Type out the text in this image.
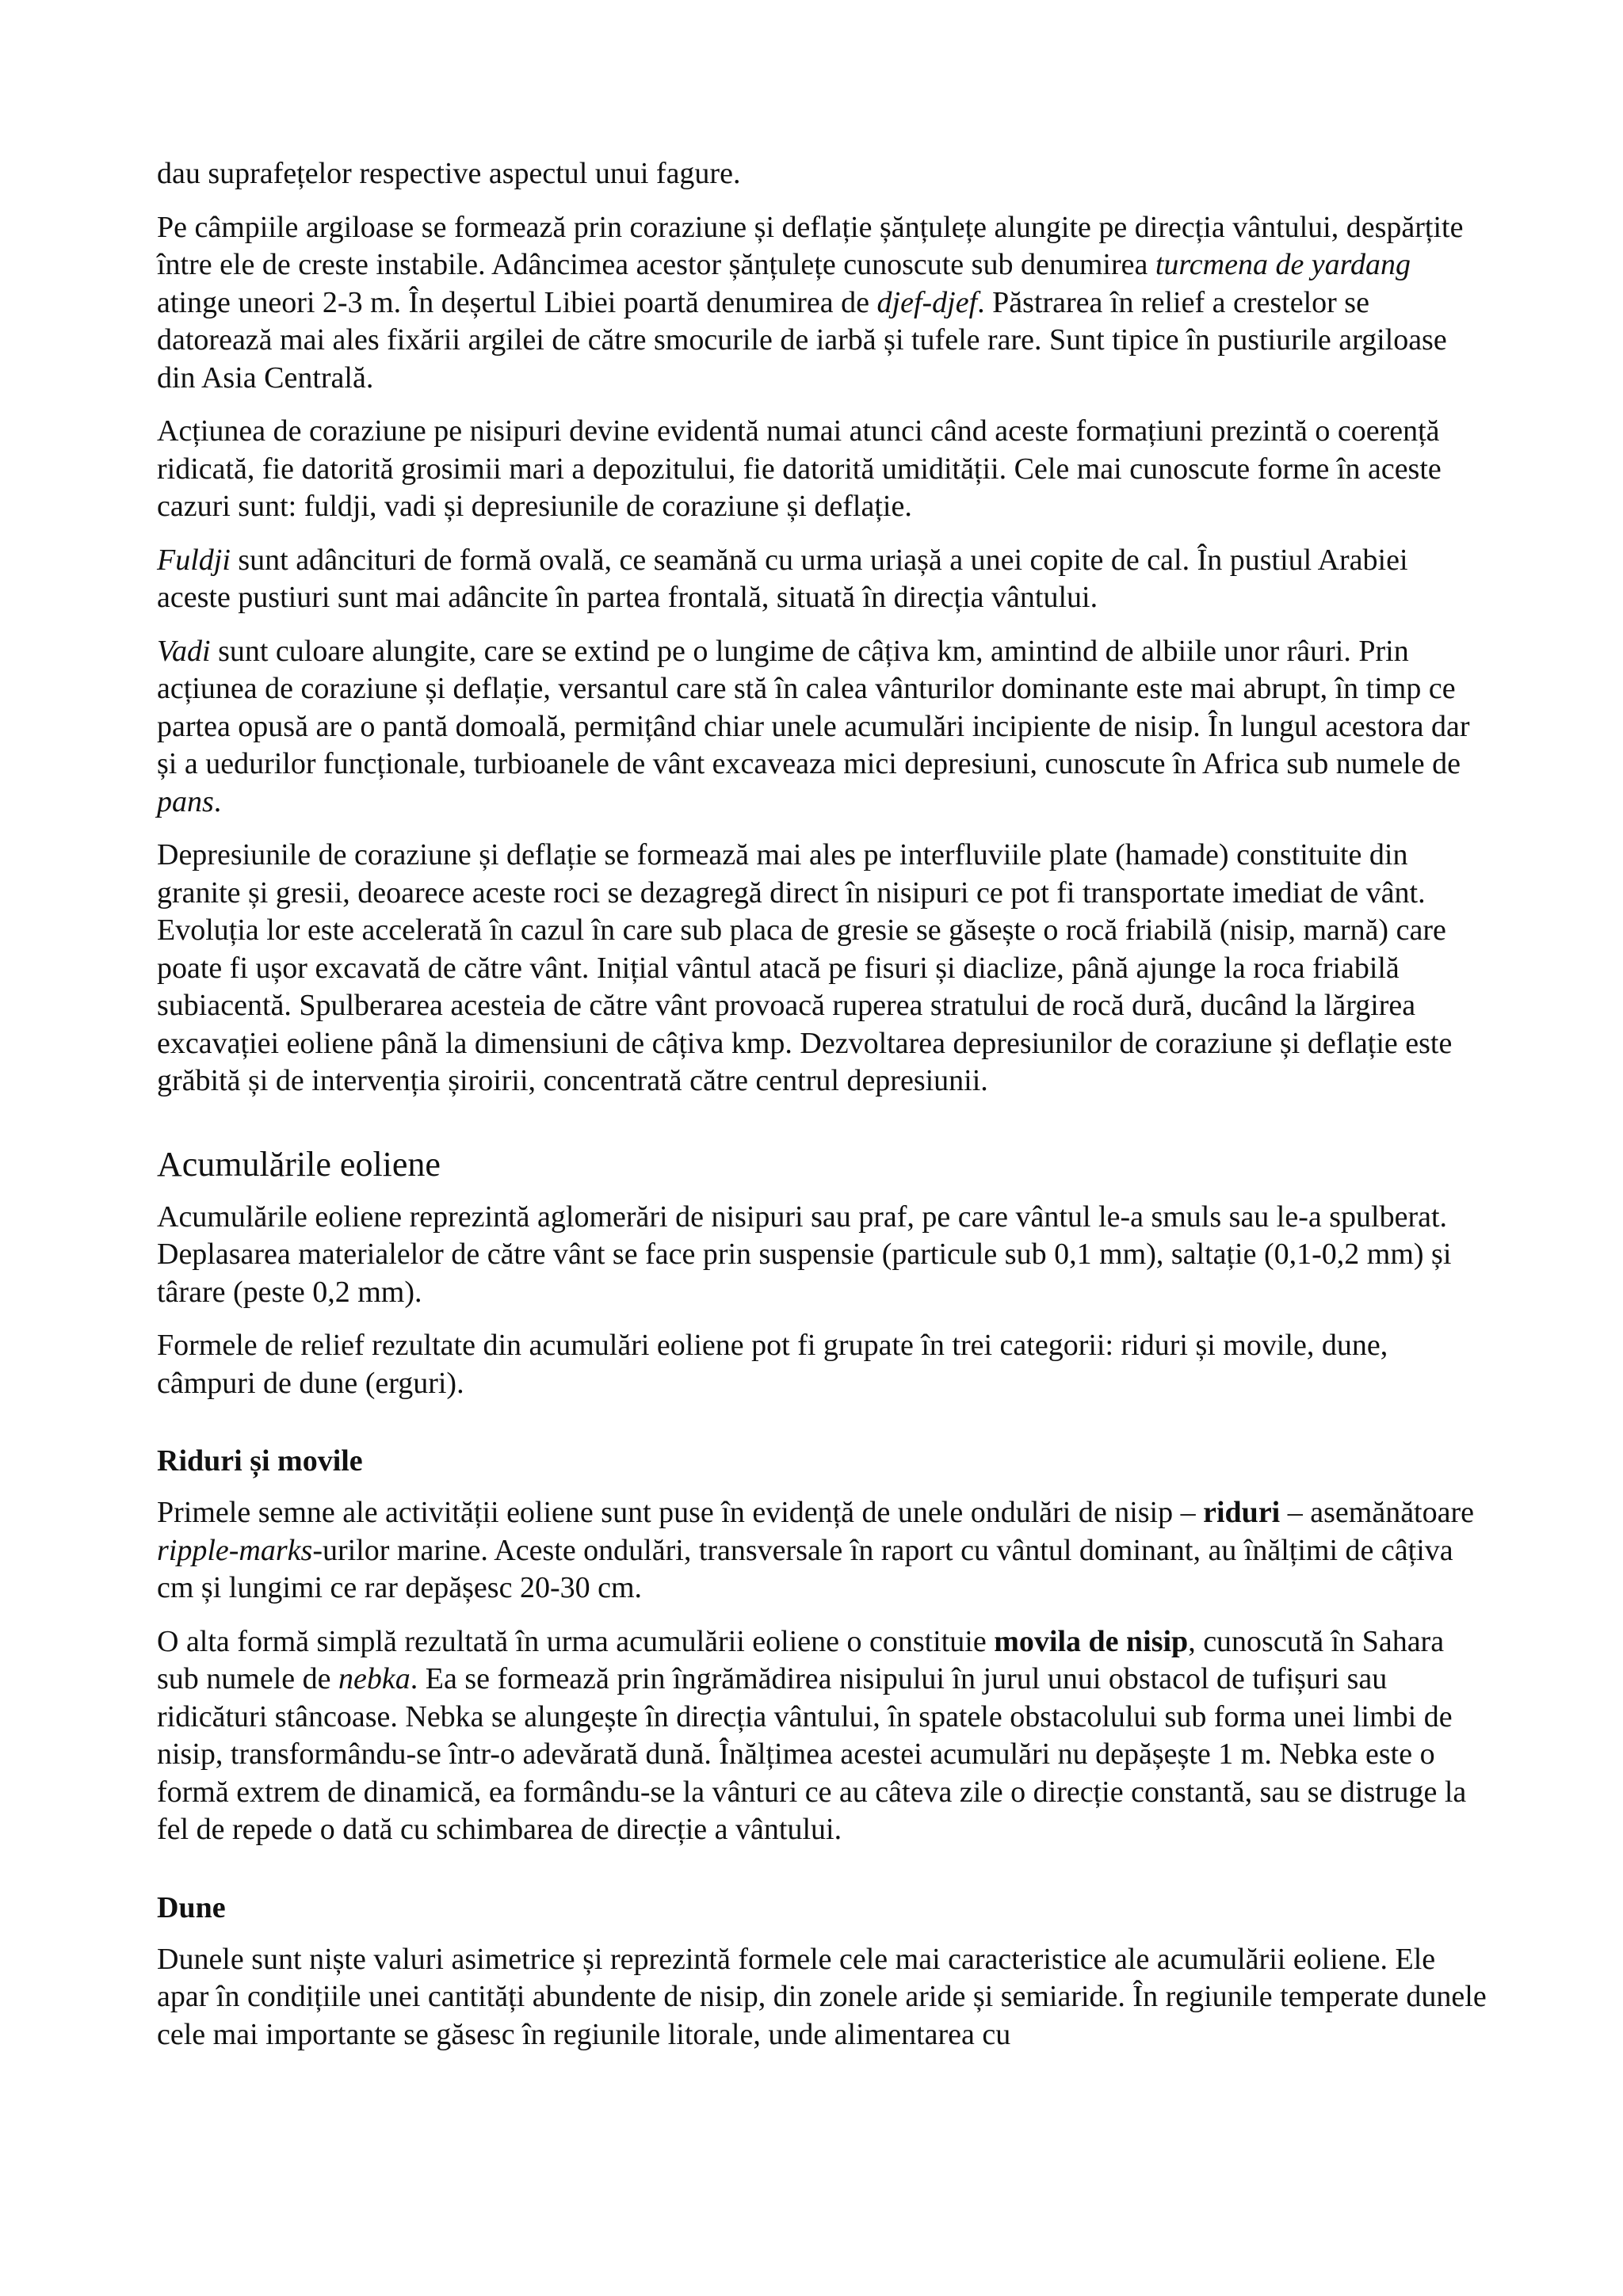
dau suprafețelor respective aspectul unui fagure.

Pe câmpiile argiloase se formează prin coraziune și deflație șănțulețe alungite pe direcția vântului, despărțite între ele de creste instabile. Adâncimea acestor șănțulețe cunoscute sub denumirea turcmena de yardang atinge uneori 2-3 m. În deșertul Libiei poartă denumirea de djef-djef. Păstrarea în relief a crestelor se datorează mai ales fixării argilei de către smocurile de iarbă și tufele rare. Sunt tipice în pustiurile argiloase din Asia Centrală.

Acțiunea de coraziune pe nisipuri devine evidentă numai atunci când aceste formațiuni prezintă o coerență ridicată, fie datorită grosimii mari a depozitului, fie datorită umidității. Cele mai cunoscute forme în aceste cazuri sunt: fuldji, vadi și depresiunile de coraziune și deflație.

Fuldji sunt adâncituri de formă ovală, ce seamănă cu urma uriașă a unei copite de cal. În pustiul Arabiei aceste pustiuri sunt mai adâncite în partea frontală, situată în direcția vântului.

Vadi sunt culoare alungite, care se extind pe o lungime de câțiva km, amintind de albiile unor râuri. Prin acțiunea de coraziune și deflație, versantul care stă în calea vânturilor dominante este mai abrupt, în timp ce partea opusă are o pantă domoală, permițând chiar unele acumulări incipiente de nisip. În lungul acestora dar și a uedurilor funcționale, turbioanele de vânt excaveaza mici depresiuni, cunoscute în Africa sub numele de pans.

Depresiunile de coraziune și deflație se formează mai ales pe interfluviile plate (hamade) constituite din granite și gresii, deoarece aceste roci se dezagregă direct în nisipuri ce pot fi transportate imediat de vânt. Evoluția lor este accelerată în cazul în care sub placa de gresie se găsește o rocă friabilă (nisip, marnă) care poate fi ușor excavată de către vânt. Inițial vântul atacă pe fisuri și diaclize, până ajunge la roca friabilă subiacentă. Spulberarea acesteia de către vânt provoacă ruperea stratului de rocă dură, ducând la lărgirea excavației eoliene până la dimensiuni de câțiva kmp. Dezvoltarea depresiunilor de coraziune și deflație este grăbită și de intervenția șiroirii, concentrată către centrul depresiunii.

Acumulările eoliene

Acumulările eoliene reprezintă aglomerări de nisipuri sau praf, pe care vântul le-a smuls sau le-a spulberat. Deplasarea materialelor de către vânt se face prin suspensie (particule sub 0,1 mm), saltație (0,1-0,2 mm) și târare (peste 0,2 mm).

Formele de relief rezultate din acumulări eoliene pot fi grupate în trei categorii: riduri și movile, dune, câmpuri de dune (erguri).

Riduri și movile

Primele semne ale activității eoliene sunt puse în evidență de unele ondulări de nisip – riduri – asemănătoare ripple-marks-urilor marine. Aceste ondulări, transversale în raport cu vântul dominant, au înălțimi de câțiva cm și lungimi ce rar depășesc 20-30 cm.

O alta formă simplă rezultată în urma acumulării eoliene o constituie movila de nisip, cunoscută în Sahara sub numele de nebka. Ea se formează prin îngrămădirea nisipului în jurul unui obstacol de tufișuri sau ridicături stâncoase. Nebka se alungește în direcția vântului, în spatele obstacolului sub forma unei limbi de nisip, transformându-se într-o adevărată dună. Înălțimea acestei acumulări nu depășește 1 m. Nebka este o formă extrem de dinamică, ea formându-se la vânturi ce au câteva zile o direcție constantă, sau se distruge la fel de repede o dată cu schimbarea de direcție a vântului.

Dune

Dunele sunt niște valuri asimetrice și reprezintă formele cele mai caracteristice ale acumulării eoliene. Ele apar în condițiile unei cantități abundente de nisip, din zonele aride și semiaride. În regiunile temperate dunele cele mai importante se găsesc în regiunile litorale, unde alimentarea cu
